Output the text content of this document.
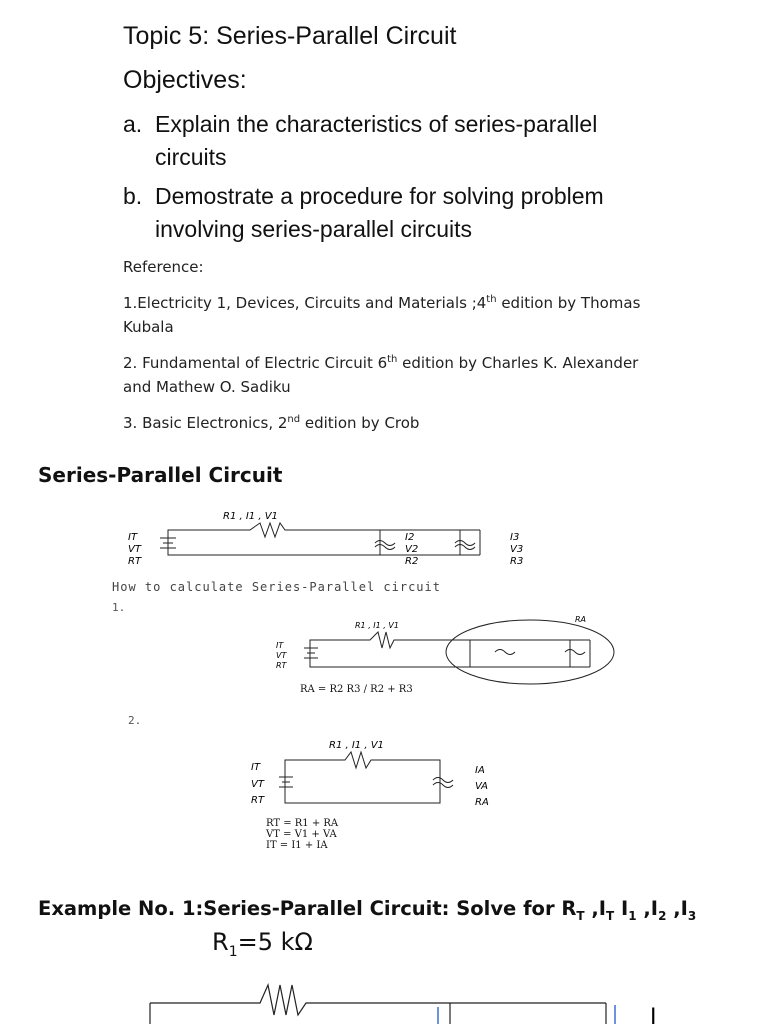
Topic 5: Series-Parallel Circuit
Objectives:
a. Explain the characteristics of series-parallel
circuits
b. Demostrate a procedure for solving problem
involving series-parallel circuits

Reference:

1.Electricity 1, Devices, Circuits and Materials ;4th edition by Thomas Kubala

2. Fundamental of Electric Circuit 6th edition by Charles K. Alexander and Mathew O. Sadiku

3. Basic Electronics, 2nd edition by Crob

Series-Parallel Circuit
IT
VT
RT
R1 , I1 , V1
I2
V2
R2
I3
V3
R3
How to calculate Series-Parallel circuit
1.
IT
VT
RT
R1 , I1 , V1
RA
RA = R2 R3 / R2 + R3
2.
IT
VT
RT
R1 , I1 , V1
IA
VA
RA
RT = R1 + RA
VT = V1 + VA
IT = I1 + IA
Example No. 1:Series-Parallel Circuit: Solve for $R_T$ $,I_T$ $I_1$ $,I_2$ $,I_3$
$R_1=5$ kΩ
I
